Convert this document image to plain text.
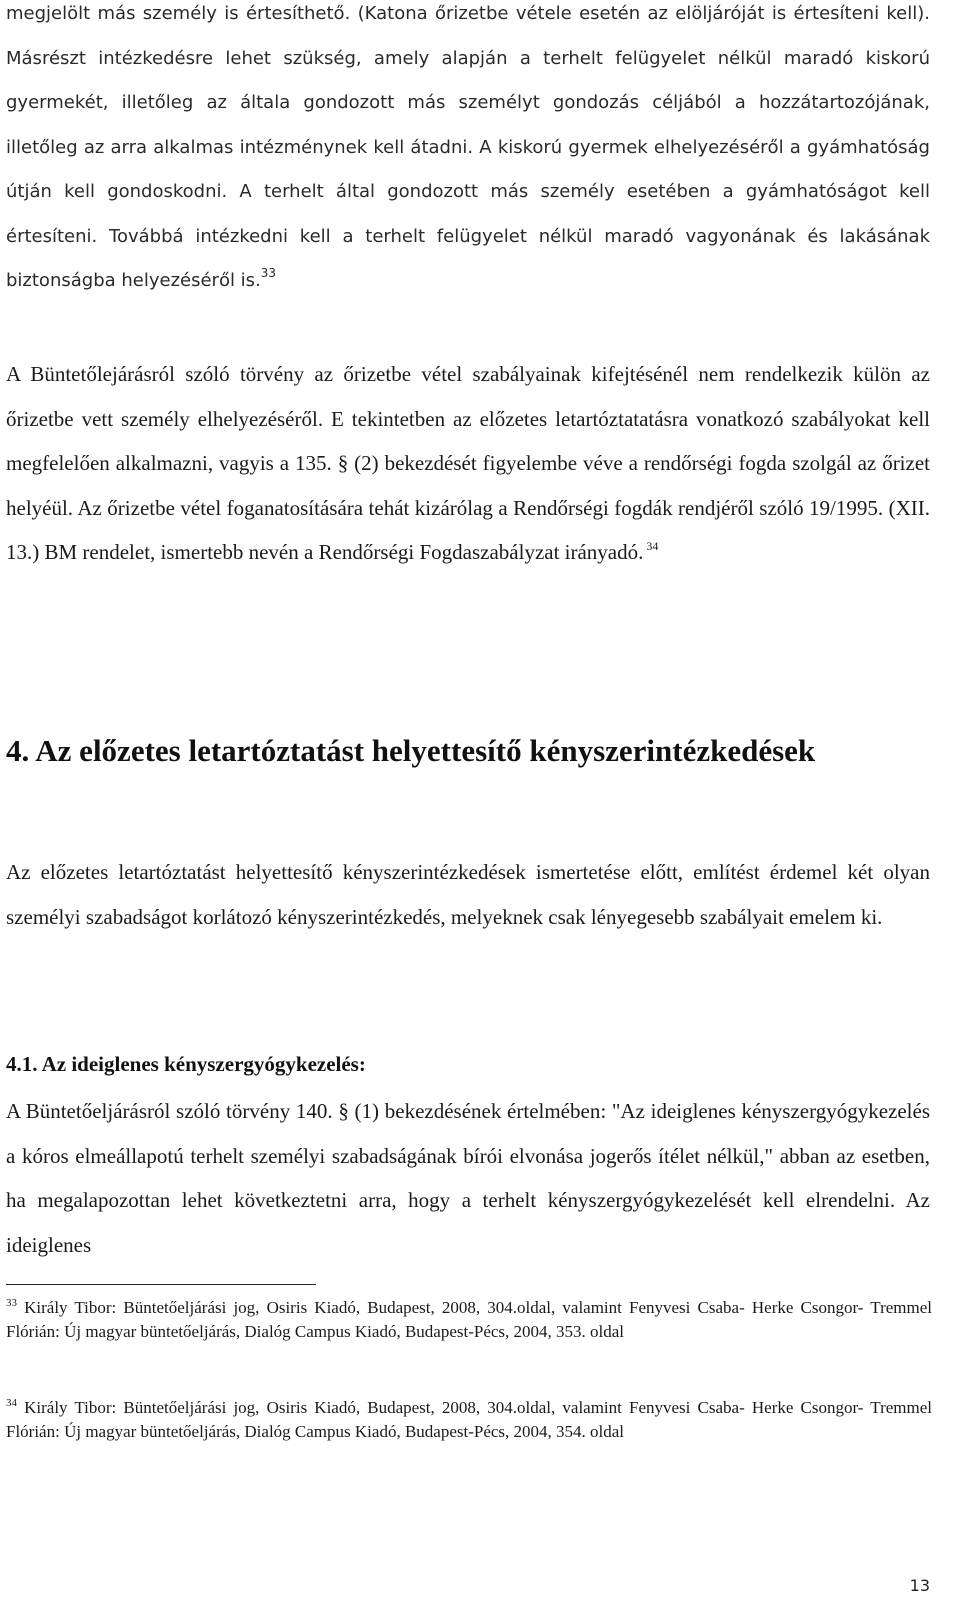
megjelölt más személy is értesíthető. (Katona őrizetbe vétele esetén az elöljáróját is értesíteni kell). Másrészt intézkedésre lehet szükség, amely alapján a terhelt felügyelet nélkül maradó kiskorú gyermekét, illetőleg az általa gondozott más személyt gondozás céljából a hozzátartozójának, illetőleg az arra alkalmas intézménynek kell átadni. A kiskorú gyermek elhelyezéséről a gyámhatóság útján kell gondoskodni. A terhelt által gondozott más személy esetében a gyámhatóságot kell értesíteni. Továbbá intézkedni kell a terhelt felügyelet nélkül maradó vagyonának és lakásának biztonságba helyezéséről is.$^{33}$

A Büntetőlejárásról szóló törvény az őrizetbe vétel szabályainak kifejtésénél nem rendelkezik külön az őrizetbe vett személy elhelyezéséről. E tekintetben az előzetes letartóztatatásra vonatkozó szabályokat kell megfelelően alkalmazni, vagyis a 135. § (2) bekezdését figyelembe véve a rendőrségi fogda szolgál az őrizet helyéül. Az őrizetbe vétel foganatosítására tehát kizárólag a Rendőrségi fogdák rendjéről szóló 19/1995. (XII. 13.) BM rendelet, ismertebb nevén a Rendőrségi Fogdaszabályzat irányadó. $^{34}$

4. Az előzetes letartóztatást helyettesítő kényszerintézkedések

Az előzetes letartóztatást helyettesítő kényszerintézkedések ismertetése előtt, említést érdemel két olyan személyi szabadságot korlátozó kényszerintézkedés, melyeknek csak lényegesebb szabályait emelem ki.

4.1. Az ideiglenes kényszergyógykezelés:

A Büntetőeljárásról szóló törvény 140. § (1) bekezdésének értelmében: "Az ideiglenes kényszergyógykezelés a kóros elmeállapotú terhelt személyi szabadságának bírói elvonása jogerős ítélet nélkül," abban az esetben, ha megalapozottan lehet következtetni arra, hogy a terhelt kényszergyógykezelését kell elrendelni. Az ideiglenes

$^{33}$ Király Tibor: Büntetőeljárási jog, Osiris Kiadó, Budapest, 2008, 304.oldal, valamint Fenyvesi Csaba- Herke Csongor- Tremmel Flórián: Új magyar büntetőeljárás, Dialóg Campus Kiadó, Budapest-Pécs, 2004, 353. oldal

$^{34}$ Király Tibor: Büntetőeljárási jog, Osiris Kiadó, Budapest, 2008, 304.oldal, valamint Fenyvesi Csaba- Herke Csongor- Tremmel Flórián: Új magyar büntetőeljárás, Dialóg Campus Kiadó, Budapest-Pécs, 2004, 354. oldal

13
